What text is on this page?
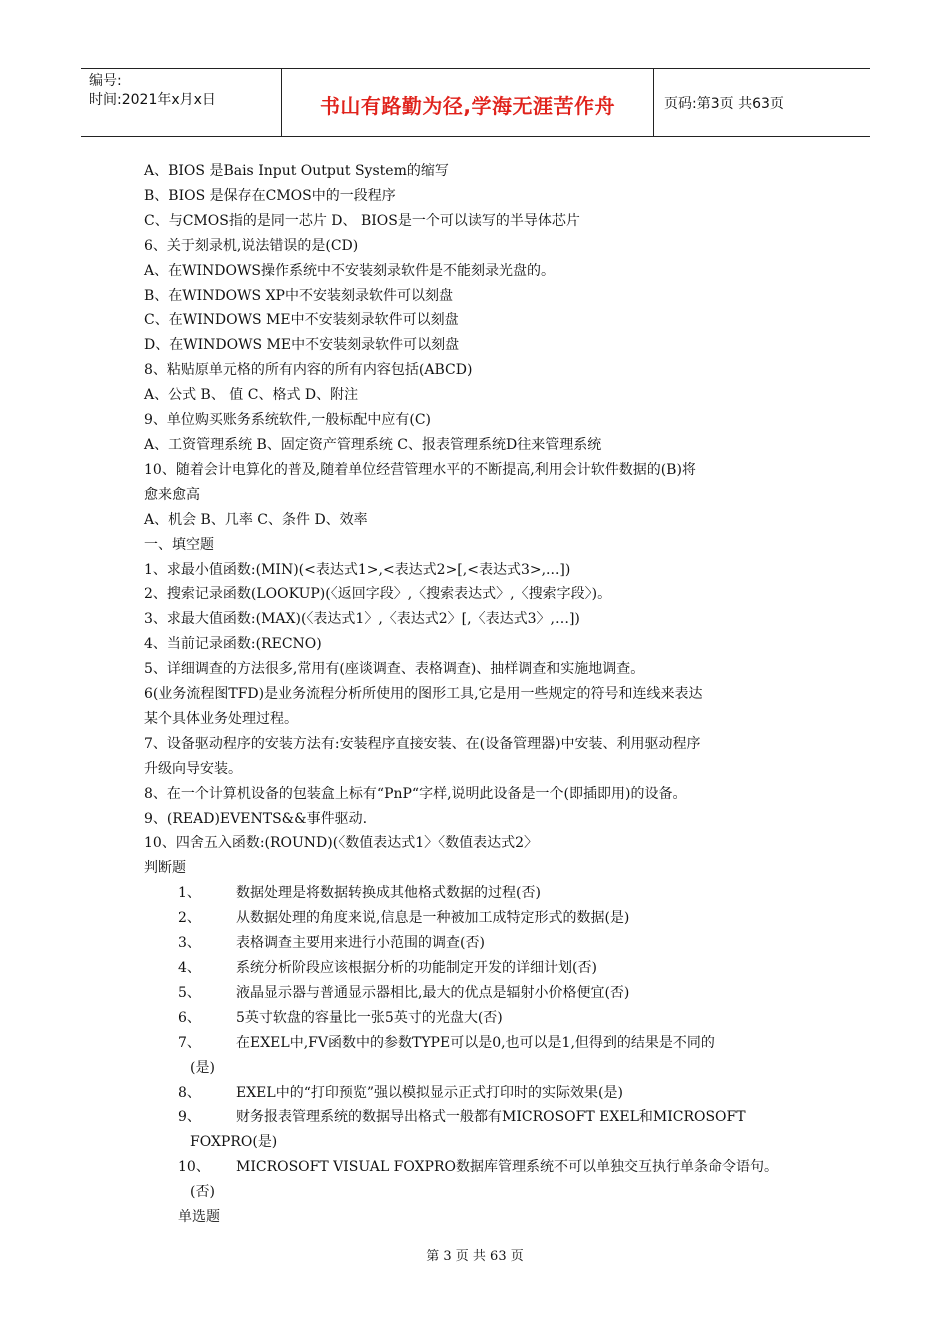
编号:
时间:2021年x月x日	书山有路勤为径,学海无涯苦作舟	页码:第3页 共63页
A、BIOS 是Bais Input Output System的缩写
B、BIOS 是保存在CMOS中的一段程序
C、与CMOS指的是同一芯片 D、 BIOS是一个可以读写的半导体芯片
6、关于刻录机,说法错误的是(CD)
A、在WINDOWS操作系统中不安装刻录软件是不能刻录光盘的。
B、在WINDOWS XP中不安装刻录软件可以刻盘
C、在WINDOWS ME中不安装刻录软件可以刻盘
D、在WINDOWS ME中不安装刻录软件可以刻盘
8、粘贴原单元格的所有内容的所有内容包括(ABCD)
A、公式 B、 值 C、格式 D、附注
9、单位购买账务系统软件,一般标配中应有(C)
A、工资管理系统 B、固定资产管理系统 C、报表管理系统D往来管理系统
10、随着会计电算化的普及,随着单位经营管理水平的不断提高,利用会计软件数据的(B)将
愈来愈高
A、机会 B、几率 C、条件 D、效率
一、填空题
1、求最小值函数:(MIN)(<表达式1>,<表达式2>[,<表达式3>,...])
2、搜索记录函数(LOOKUP)(〈返回字段〉,〈搜索表达式〉,〈搜索字段〉)。
3、求最大值函数:(MAX)(〈表达式1〉,〈表达式2〉[,〈表达式3〉,…])
4、当前记录函数:(RECNO)
5、详细调查的方法很多,常用有(座谈调查、表格调查)、抽样调查和实施地调查。
6(业务流程图TFD)是业务流程分析所使用的图形工具,它是用一些规定的符号和连线来表达
某个具体业务处理过程。
7、设备驱动程序的安装方法有:安装程序直接安装、在(设备管理器)中安装、利用驱动程序
升级向导安装。
8、在一个计算机设备的包装盒上标有“PnP“字样,说明此设备是一个(即插即用)的设备。
9、(READ)EVENTS&&事件驱动.
10、四舍五入函数:(ROUND)(〈数值表达式1〉〈数值表达式2〉
判断题
1、	数据处理是将数据转换成其他格式数据的过程(否)
2、	从数据处理的角度来说,信息是一种被加工成特定形式的数据(是)
3、	表格调查主要用来进行小范围的调查(否)
4、	系统分析阶段应该根据分析的功能制定开发的详细计划(否)
5、	液晶显示器与普通显示器相比,最大的优点是辐射小价格便宜(否)
6、	5英寸软盘的容量比一张5英寸的光盘大(否)
7、	在EXEL中,FV函数中的参数TYPE可以是0,也可以是1,但得到的结果是不同的
(是)
8、	EXEL中的“打印预览”强以模拟显示正式打印时的实际效果(是)
9、	财务报表管理系统的数据导出格式一般都有MICROSOFT EXEL和MICROSOFT
FOXPRO(是)
10、	MICROSOFT VISUAL FOXPRO数据库管理系统不可以单独交互执行单条命令语句。
(否)
单选题
第 3 页 共 63 页
